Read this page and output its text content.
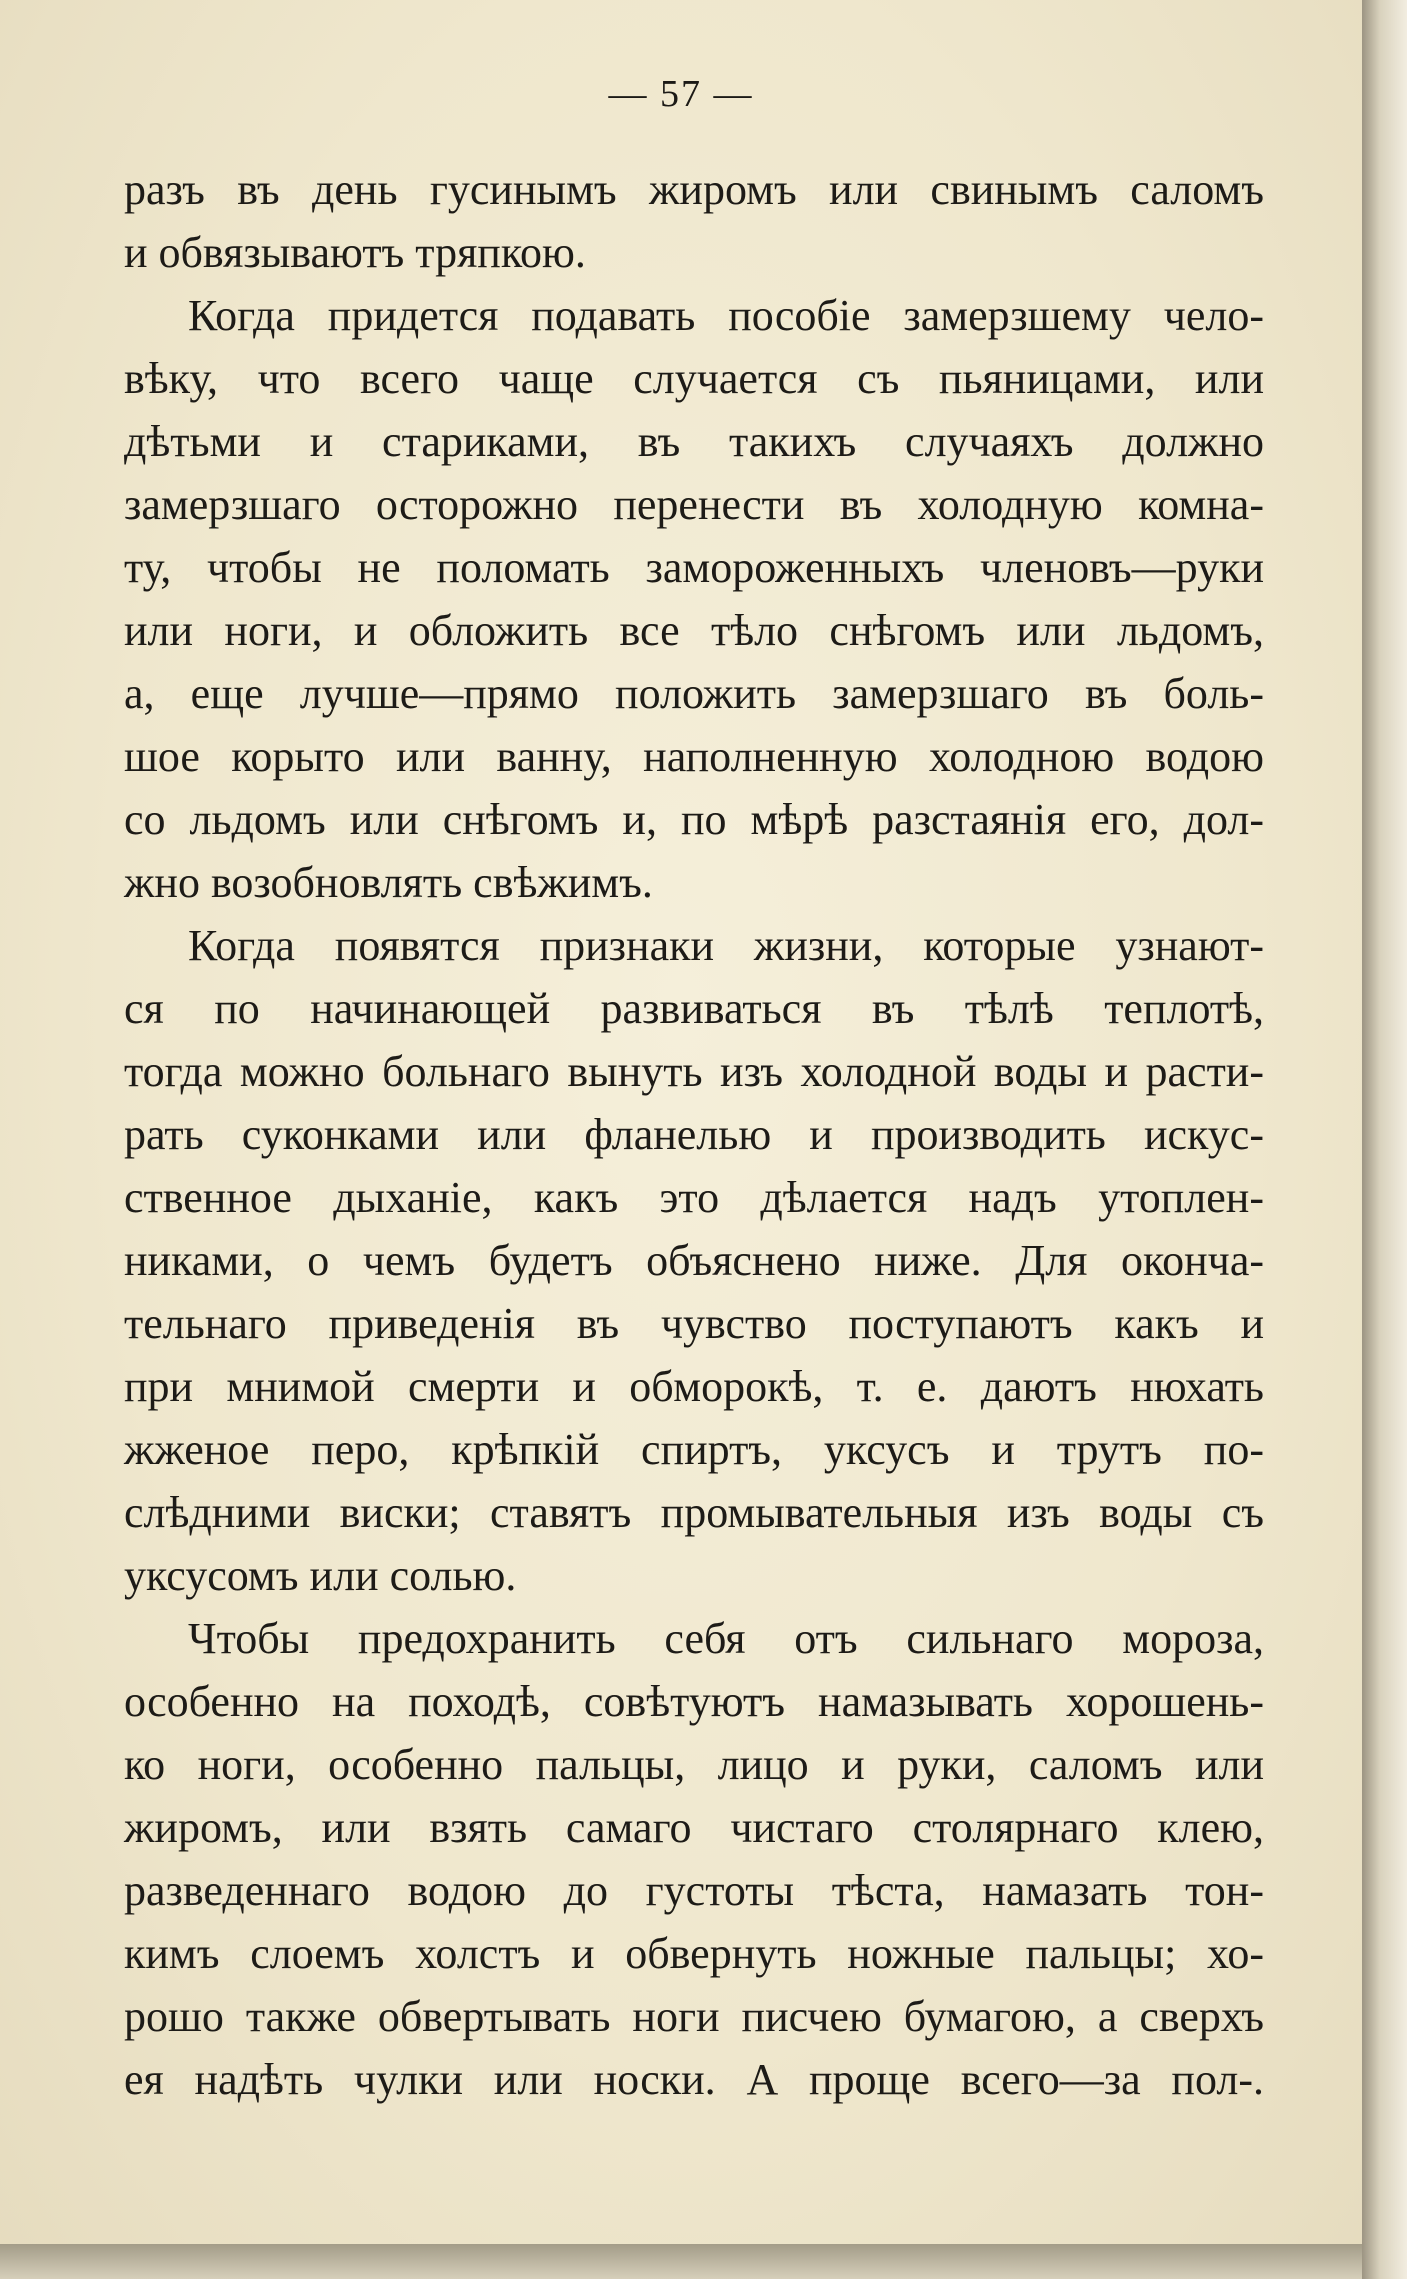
— 57 —
разъ въ день гусинымъ жиромъ или свинымъ саломъ
и обвязываютъ тряпкою.
Когда придется подавать пособіе замерзшему чело-
вѣку, что всего чаще случается съ пьяницами, или
дѣтьми и стариками, въ такихъ случаяхъ должно
замерзшаго осторожно перенести въ холодную комна-
ту, чтобы не поломать замороженныхъ членовъ—руки
или ноги, и обложить все тѣло снѣгомъ или льдомъ,
а, еще лучше—прямо положить замерзшаго въ боль-
шое корыто или ванну, наполненную холодною водою
со льдомъ или снѣгомъ и, по мѣрѣ разстаянія его, дол-
жно возобновлять свѣжимъ.
Когда появятся признаки жизни, которые узнают-
ся по начинающей развиваться въ тѣлѣ теплотѣ,
тогда можно больнаго вынуть изъ холодной воды и расти-
рать суконками или фланелью и производить искус-
ственное дыханіе, какъ это дѣлается надъ утоплен-
никами, о чемъ будетъ объяснено ниже. Для оконча-
тельнаго приведенія въ чувство поступаютъ какъ и
при мнимой смерти и обморокѣ, т. е. даютъ нюхать
жженое перо, крѣпкій спиртъ, уксусъ и трутъ по-
слѣдними виски; ставятъ промывательныя изъ воды съ
уксусомъ или солью.
Чтобы предохранить себя отъ сильнаго мороза,
особенно на походѣ, совѣтуютъ намазывать хорошень-
ко ноги, особенно пальцы, лицо и руки, саломъ или
жиромъ, или взять самаго чистаго столярнаго клею,
разведеннаго водою до густоты тѣста, намазать тон-
кимъ слоемъ холстъ и обвернуть ножные пальцы; хо-
рошо также обвертывать ноги писчею бумагою, а сверхъ
ея надѣть чулки или носки. А проще всего—за пол-.
